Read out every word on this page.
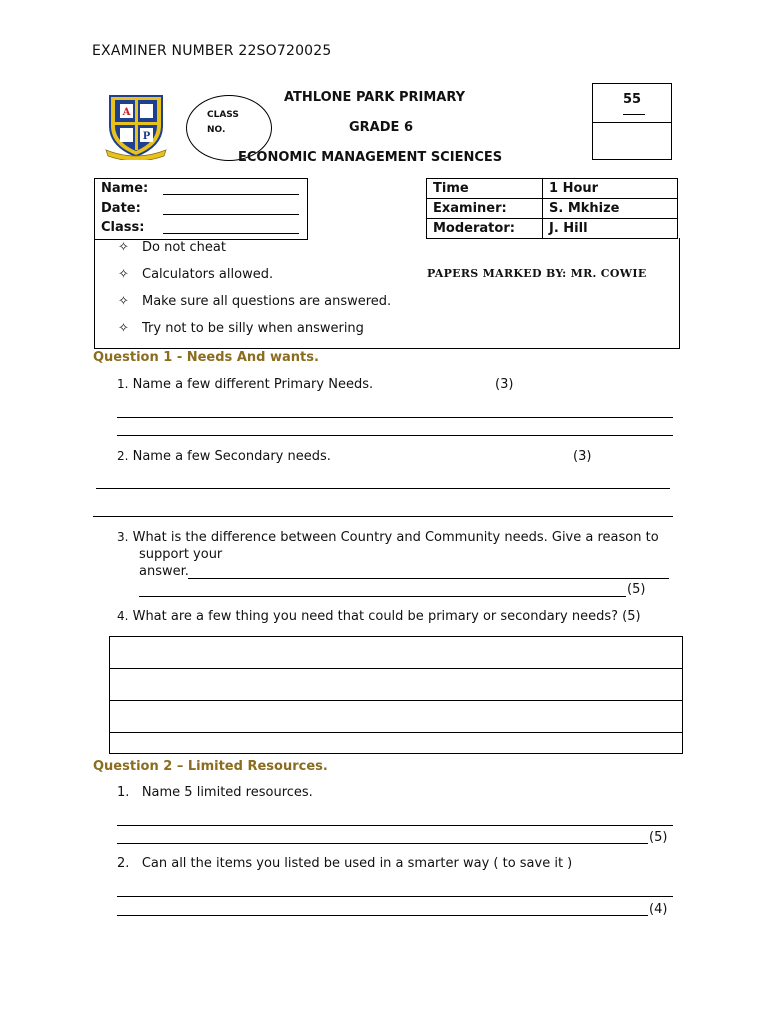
EXAMINER NUMBER 22SO720025
A
P
CLASS
NO.
ATHLONE PARK PRIMARY
GRADE 6
ECONOMIC MANAGEMENT SCIENCES
55
Name:
Date:
Class:
Time	1 Hour
Examiner:	S. Mkhize
Moderator:	J. Hill
✧ Do not cheat
✧ Calculators allowed.
✧ Make sure all questions are answered.
✧ Try not to be silly when answering
PAPERS MARKED BY: MR. COWIE
Question 1 - Needs And wants.
1. Name a few different Primary Needs.	(3)
2. Name a few Secondary needs.	(3)
3. What is the difference between Country and Community needs. Give a reason to
support your
answer.
(5)
4. What are a few thing you need that could be primary or secondary needs? (5)

Question 2 – Limited Resources.
1. Name 5 limited resources.
(5)
2. Can all the items you listed be used in a smarter way ( to save it )
(4)
